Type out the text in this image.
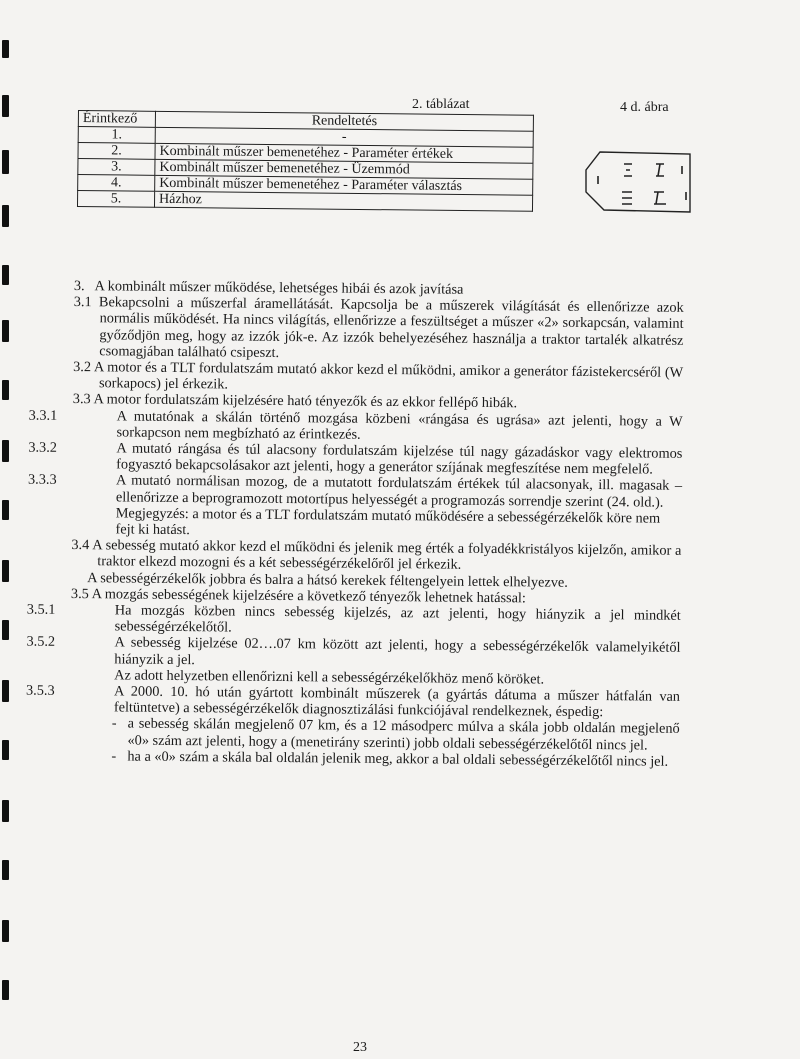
2. táblázat	4 d. ábra
Érintkező	Rendeltetés
1.	-
2.	Kombinált műszer bemenetéhez - Paraméter értékek
3.	Kombinált műszer bemenetéhez - Üzemmód
4.	Kombinált műszer bemenetéhez - Paraméter választás
5.	Házhoz

3. A kombinált műszer működése, lehetséges hibái és azok javítása

3.1 Bekapcsolni a műszerfal áramellátását. Kapcsolja be a műszerek világítását és ellenőrizze azok normális működését. Ha nincs világítás, ellenőrizze a feszültséget a műszer «2» sorkapcsán, valamint győződjön meg, hogy az izzók jók-e. Az izzók behelyezéséhez használja a traktor tartalék alkatrész csomagjában található csipeszt.

3.2 A motor és a TLT fordulatszám mutató akkor kezd el működni, amikor a generátor fázistekercséről (W sorkapocs) jel érkezik.

3.3 A motor fordulatszám kijelzésére ható tényezők és az ekkor fellépő hibák.

3.3.1	A mutatónak a skálán történő mozgása közbeni «rángása és ugrása» azt jelenti, hogy a W sorkapcson nem megbízható az érintkezés.

3.3.2	A mutató rángása és túl alacsony fordulatszám kijelzése túl nagy gázadáskor vagy elektromos fogyasztó bekapcsolásakor azt jelenti, hogy a generátor szíjának megfeszítése nem megfelelő.

3.3.3	A mutató normálisan mozog, de a mutatott fordulatszám értékek túl alacsonyak, ill. magasak – ellenőrizze a beprogramozott motortípus helyességét a programozás sorrendje szerint (24. old.).

Megjegyzés: a motor és a TLT fordulatszám mutató működésére a sebességérzékelők köre nem fejt ki hatást.

3.4 A sebesség mutató akkor kezd el működni és jelenik meg érték a folyadékkristályos kijelzőn, amikor a traktor elkezd mozogni és a két sebességérzékelőről jel érkezik.

A sebességérzékelők jobbra és balra a hátsó kerekek féltengelyein lettek elhelyezve.

3.5 A mozgás sebességének kijelzésére a következő tényezők lehetnek hatással:

3.5.1	Ha mozgás közben nincs sebesség kijelzés, az azt jelenti, hogy hiányzik a jel mindkét sebességérzékelőtől.

3.5.2	A sebesség kijelzése 02….07 km között azt jelenti, hogy a sebességérzékelők valamelyikétől hiányzik a jel.

Az adott helyzetben ellenőrizni kell a sebességérzékelőkhöz menő köröket.

3.5.3	A 2000. 10. hó után gyártott kombinált műszerek (a gyártás dátuma a műszer hátfalán van feltüntetve) a sebességérzékelők diagnosztizálási funkciójával rendelkeznek, éspedig:

- a sebesség skálán megjelenő 07 km, és a 12 másodperc múlva a skála jobb oldalán megjelenő «0» szám azt jelenti, hogy a (menetirány szerinti) jobb oldali sebességérzékelőtől nincs jel.

- ha a «0» szám a skála bal oldalán jelenik meg, akkor a bal oldali sebességérzékelőtől nincs jel.

23
